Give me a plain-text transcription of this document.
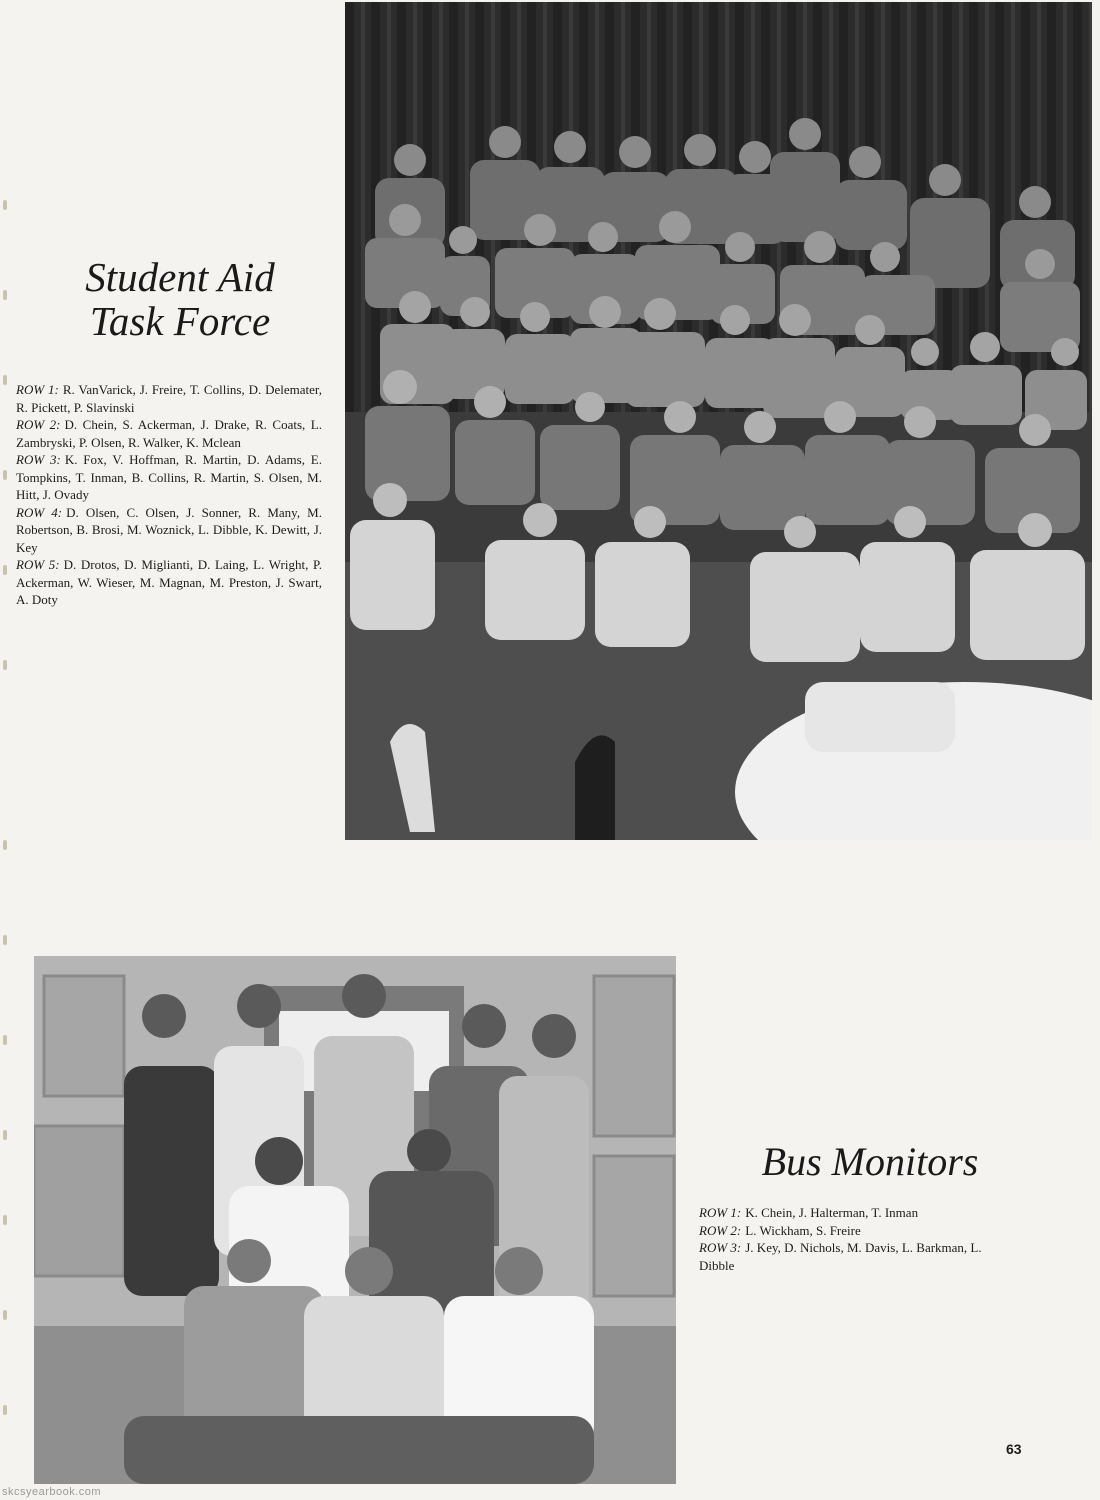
Student Aid
Task Force
ROW 1: R. VanVarick, J. Freire, T. Collins, D. Delemater, R. Pickett, P. Slavinski
ROW 2: D. Chein, S. Ackerman, J. Drake, R. Coats, L. Zambryski, P. Olsen, R. Walker, K. Mclean
ROW 3: K. Fox, V. Hoffman, R. Martin, D. Adams, E. Tompkins, T. Inman, B. Collins, R. Martin, S. Olsen, M. Hitt, J. Ovady
ROW 4: D. Olsen, C. Olsen, J. Sonner, R. Many, M. Robertson, B. Brosi, M. Woznick, L. Dibble, K. Dewitt, J. Key
ROW 5: D. Drotos, D. Miglianti, D. Laing, L. Wright, P. Ackerman, W. Wieser, M. Magnan, M. Preston, J. Swart, A. Doty
Bus Monitors
ROW 1: K. Chein, J. Halterman, T. Inman
ROW 2: L. Wickham, S. Freire
ROW 3: J. Key, D. Nichols, M. Davis, L. Barkman, L. Dibble
63
skcsyearbook.com
